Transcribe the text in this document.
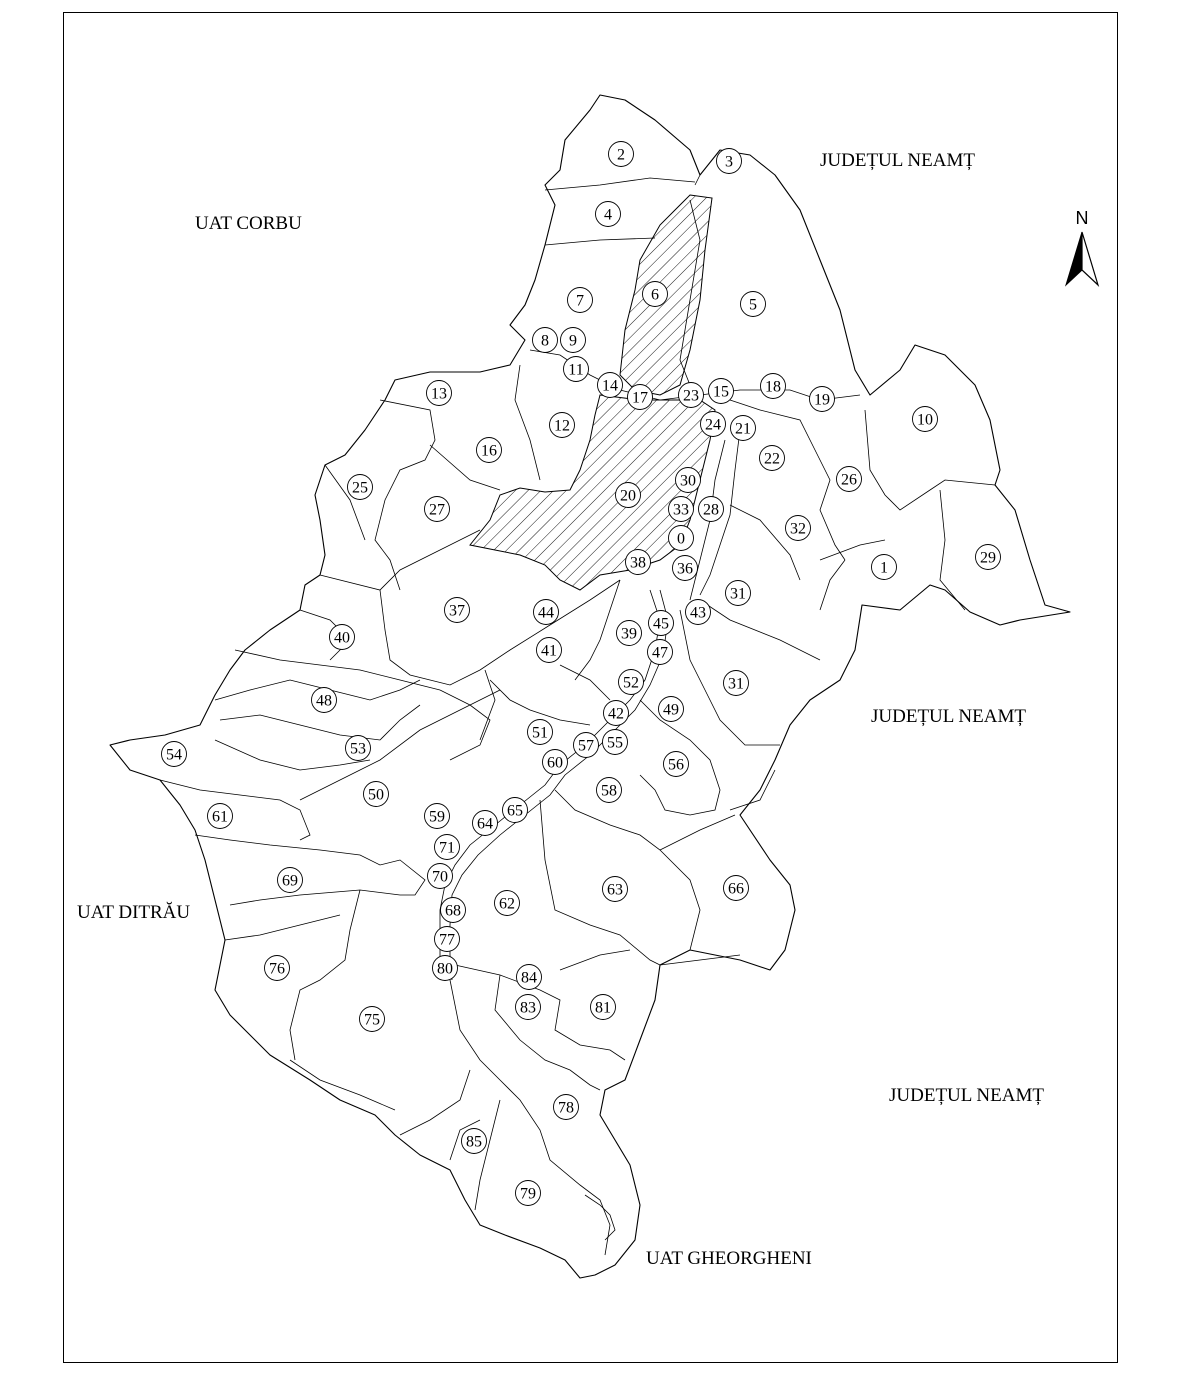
2	3
4
5
6
7
8 9
11
14
17 23 15 18
19
10
12
13
16
24 21
22
26
25
27
20
30
33 28
32
0
38 36	1
29
31
37	44	43
45
39
40
41	47
31
52
48
49
42
53
54
51
57 55
56
60
50	58
61	65
64
59
71
70
69	66
63
62
68
77
76	80
84
83	81
75
78
85
79
UAT CORBU
JUDEȚUL NEAMȚ
JUDEȚUL NEAMȚ
JUDEȚUL NEAMȚ
UAT DITRĂU
UAT GHEORGHENI
N
